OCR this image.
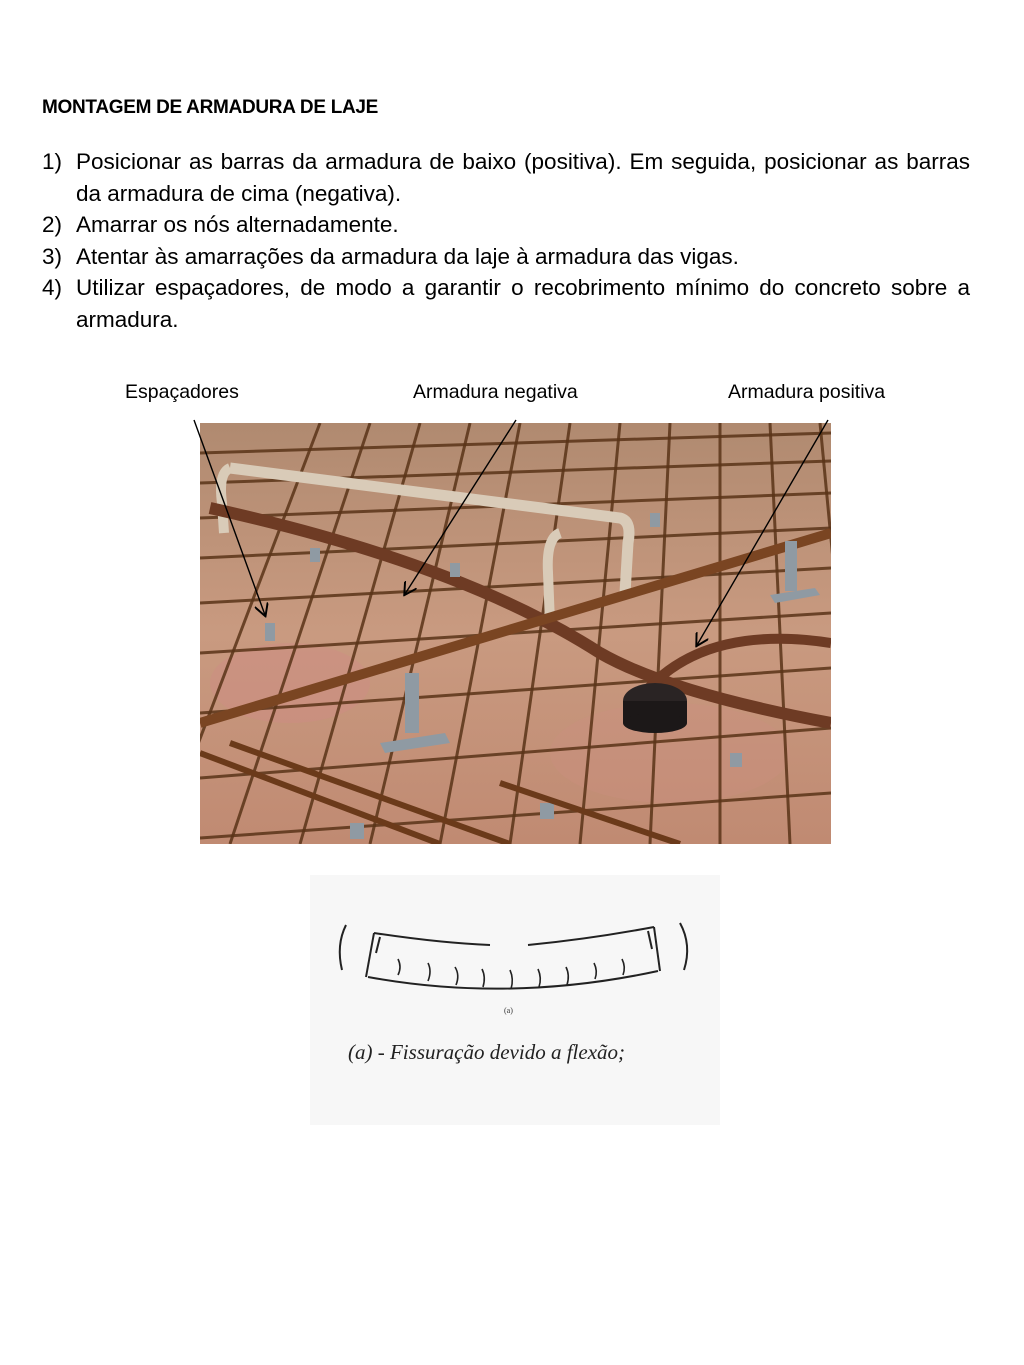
MONTAGEM DE ARMADURA DE LAJE
1) Posicionar as barras da armadura de baixo (positiva). Em seguida, posicionar as barras da armadura de cima (negativa).
2) Amarrar os nós alternadamente.
3) Atentar às amarrações da armadura da laje à armadura das vigas.
4) Utilizar espaçadores, de modo a garantir o recobrimento mínimo do concreto sobre a armadura.
Espaçadores	Armadura negativa	Armadura positiva
(a)
(a) - Fissuração devido a flexão;
